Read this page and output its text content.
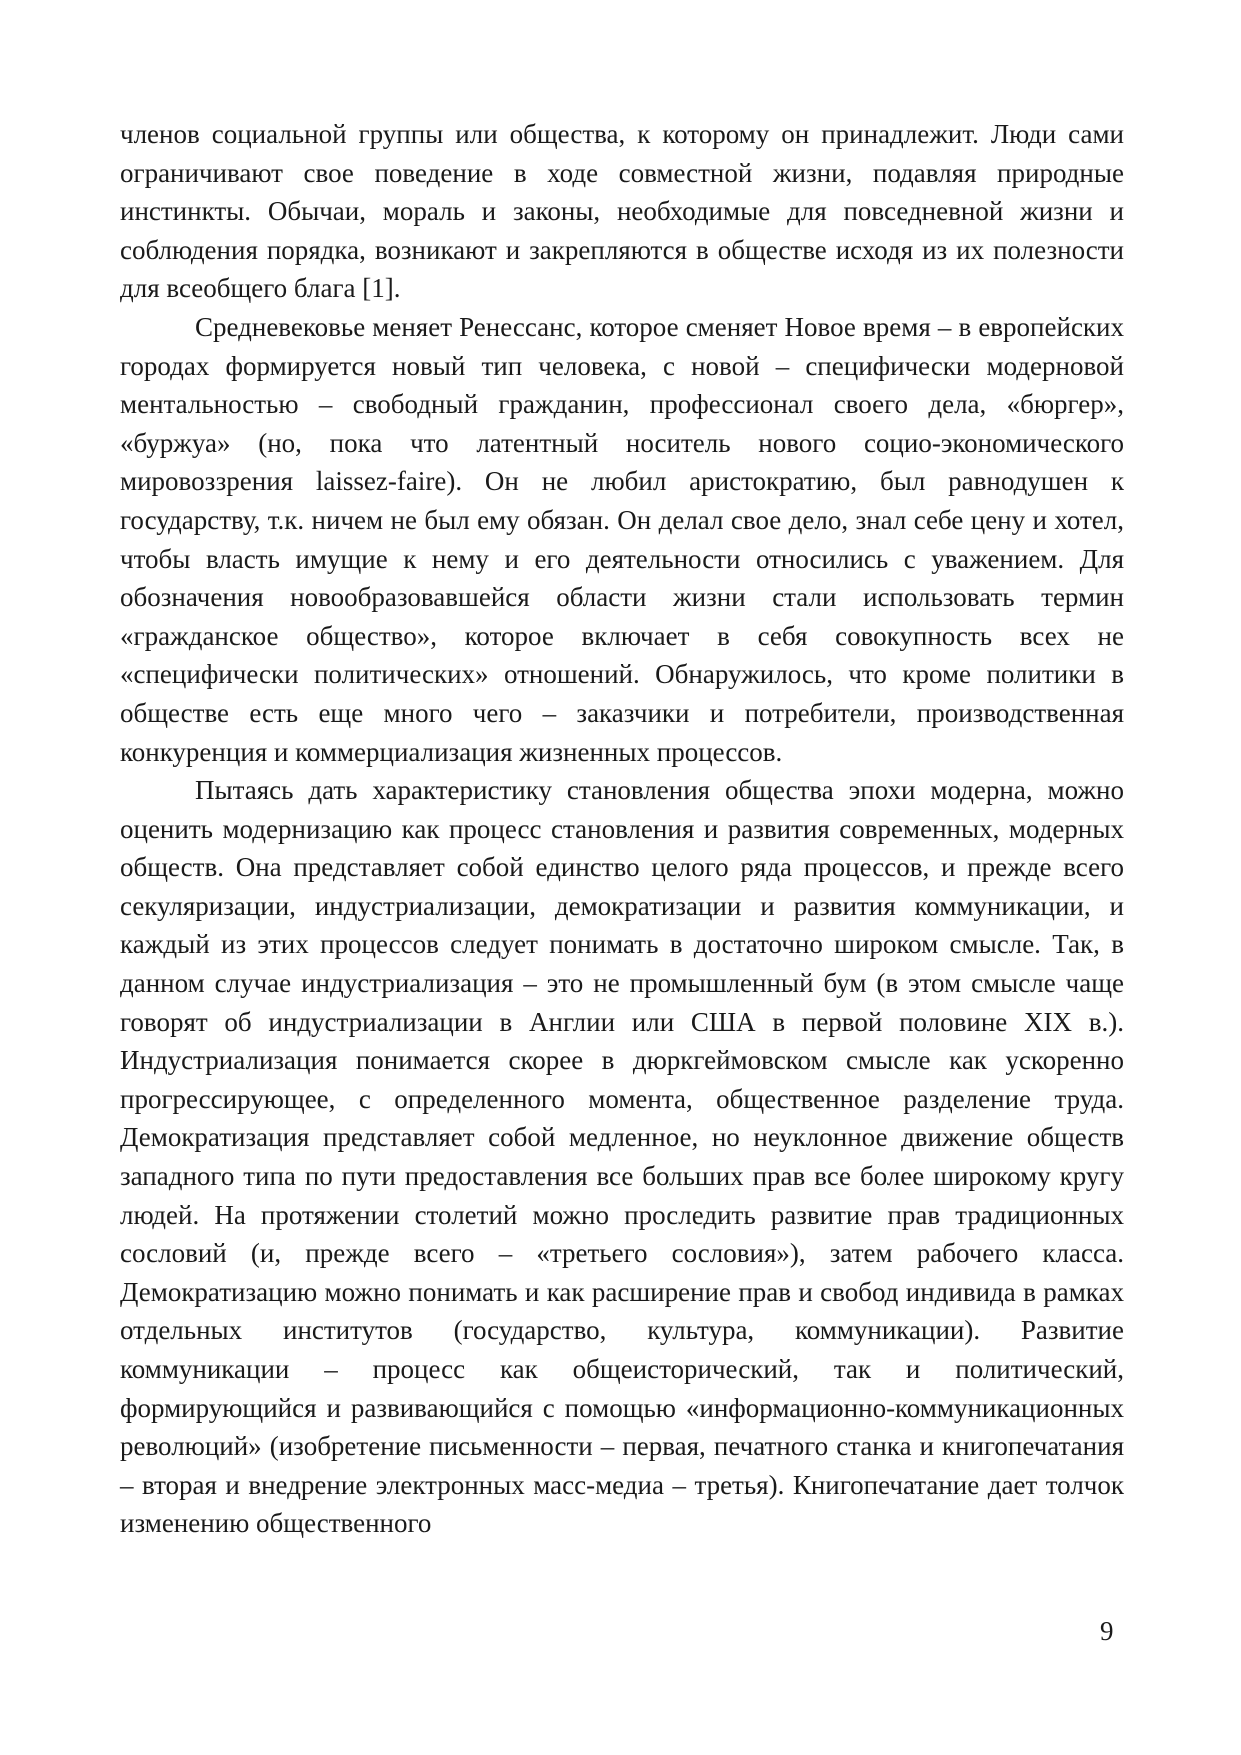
членов социальной группы или общества, к которому он принадлежит. Люди сами ограничивают свое поведение в ходе совместной жизни, подавляя природные инстинкты. Обычаи, мораль и законы, необходимые для повседневной жизни и соблюдения порядка, возникают и закрепляются в обществе исходя из их полезности для всеобщего блага [1].

Средневековье меняет Ренессанс, которое сменяет Новое время – в европейских городах формируется новый тип человека, с новой – специфически модерновой ментальностью – свободный гражданин, профессионал своего дела, «бюргер», «буржуа» (но, пока что латентный носитель нового социо-экономического мировоззрения laissez-faire). Он не любил аристократию, был равнодушен к государству, т.к. ничем не был ему обязан. Он делал свое дело, знал себе цену и хотел, чтобы власть имущие к нему и его деятельности относились с уважением. Для обозначения новообразовавшейся области жизни стали использовать термин «гражданское общество», которое включает в себя совокупность всех не «специфически политических» отношений. Обнаружилось, что кроме политики в обществе есть еще много чего – заказчики и потребители, производственная конкуренция и коммерциализация жизненных процессов.

Пытаясь дать характеристику становления общества эпохи модерна, можно оценить модернизацию как процесс становления и развития современных, модерных обществ. Она представляет собой единство целого ряда процессов, и прежде всего секуляризации, индустриализации, демократизации и развития коммуникации, и каждый из этих процессов следует понимать в достаточно широком смысле. Так, в данном случае индустриализация – это не промышленный бум (в этом смысле чаще говорят об индустриализации в Англии или США в первой половине XIX в.). Индустриализация понимается скорее в дюркгеймовском смысле как ускоренно прогрессирующее, с определенного момента, общественное разделение труда. Демократизация представляет собой медленное, но неуклонное движение обществ западного типа по пути предоставления все больших прав все более широкому кругу людей. На протяжении столетий можно проследить развитие прав традиционных сословий (и, прежде всего – «третьего сословия»), затем рабочего класса. Демократизацию можно понимать и как расширение прав и свобод индивида в рамках отдельных институтов (государство, культура, коммуникации). Развитие коммуникации – процесс как общеисторический, так и политический, формирующийся и развивающийся с помощью «информационно-коммуникационных революций» (изобретение письменности – первая, печатного станка и книгопечатания – вторая и внедрение электронных масс-медиа – третья). Книгопечатание дает толчок изменению общественного

9
